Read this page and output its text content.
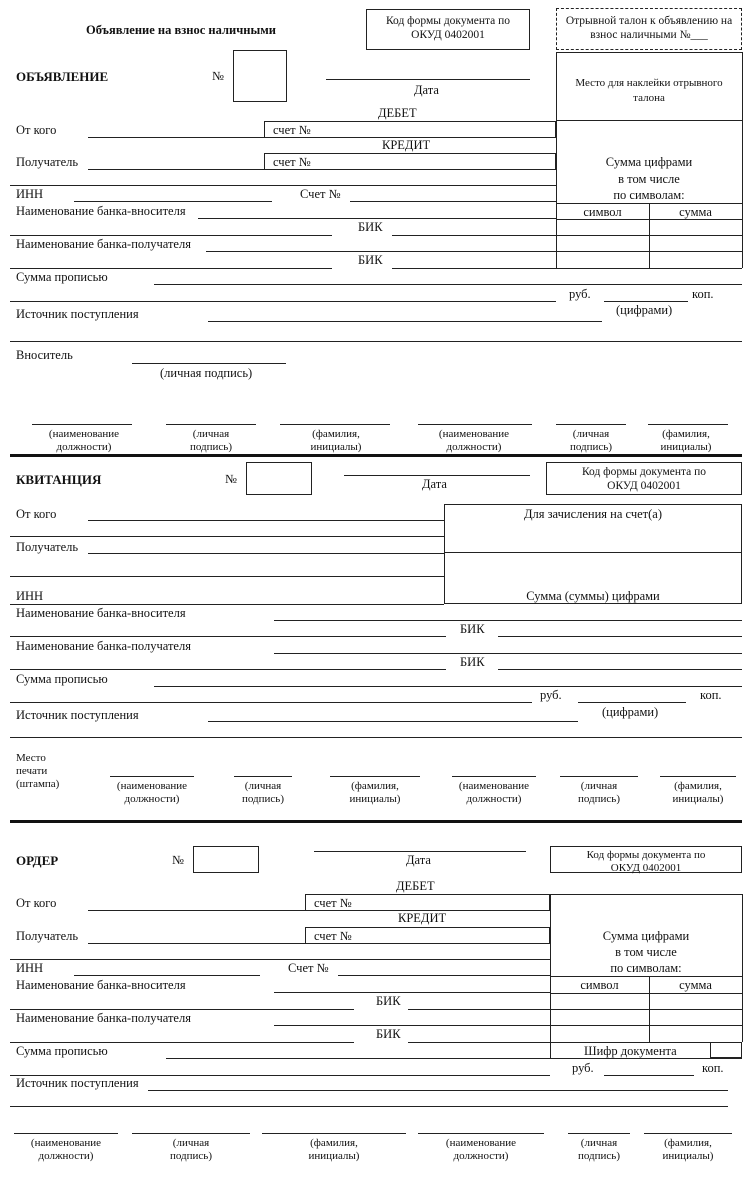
Объявление на взнос наличными
Код формы документа по ОКУД 0402001
Отрывной талон к объявлению на взнос наличными №___
ОБЪЯВЛЕНИЕ	№
Дата	Место для наклейки отрывного талона
Сумма цифрами
в том числе
по символам:
символ	сумма
ДЕБЕТ
счет №
От кого
КРЕДИТ
счет №
Получатель
ИНН	Счет №
Наименование банка-вносителя
БИК
Наименование банка-получателя
БИК
Сумма прописью
руб.	коп.
(цифрами)
Источник поступления
Вноситель
(личная подпись)
(наименование
должности)
(личная
подпись)
(фамилия,
инициалы)
(наименование
должности)
(личная
подпись)
(фамилия,
инициалы)
КВИТАНЦИЯ	№	Дата
Код формы документа по ОКУД 0402001
Для зачисления на счет(а)
Сумма (суммы) цифрами
От кого
Получатель
ИНН
Наименование банка-вносителя
БИК
Наименование банка-получателя
БИК
Сумма прописью
руб.	коп.
(цифрами)
Источник поступления
Место печати (штампа)	(наименование
должности)
(личная
подпись)
(фамилия,
инициалы)
(наименование
должности)
(личная
подпись)
(фамилия,
инициалы)
ОРДЕР	№	Дата	Код формы документа по ОКУД 0402001
Сумма цифрами
в том числе
по символам:
символ	сумма
Шифр документа
ДЕБЕТ
счет №
От кого
КРЕДИТ
счет №
Получатель
ИНН	Счет №
Наименование банка-вносителя
БИК
Наименование банка-получателя
БИК
Сумма прописью
руб.	коп.
Источник поступления
(наименование
должности)
(личная
подпись)
(фамилия,
инициалы)
(наименование
должности)
(личная
подпись)
(фамилия,
инициалы)
